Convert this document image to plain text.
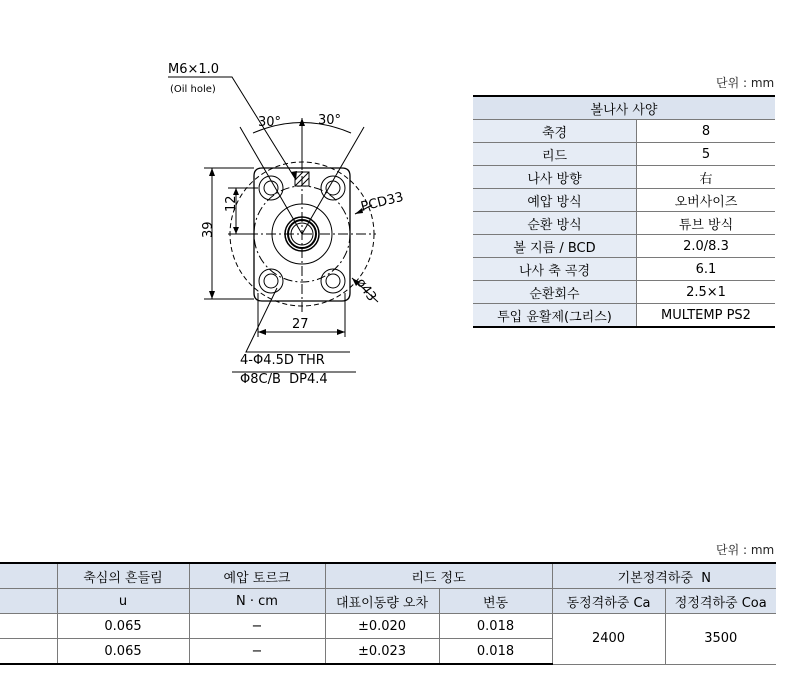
M6×1.0
(Oil hole)
30°	30°
PCD33
39
12
27
ø43
4-Φ4.5D THR
Φ8C/B  DP4.4
단위 : mm
볼나사 사양	
축경	8
리드	5
나사 방향	右
예압 방식	오버사이즈
순환 방식	튜브 방식
볼 지름 / BCD	2.0/8.3
나사 축 곡경	6.1
순환회수	2.5×1
투입 윤활제(그리스)	MULTEMP PS2
단위 : mm
	축심의 흔들림	예압 토르크	리드 정도		기본정격하중  N	
	u	N · cm	대표이동량 오차	변동	동정격하중 Ca	정정격하중 Coa
	0.065	−	±0.020	0.018	2400	3500
	0.065	−	±0.023	0.018		
